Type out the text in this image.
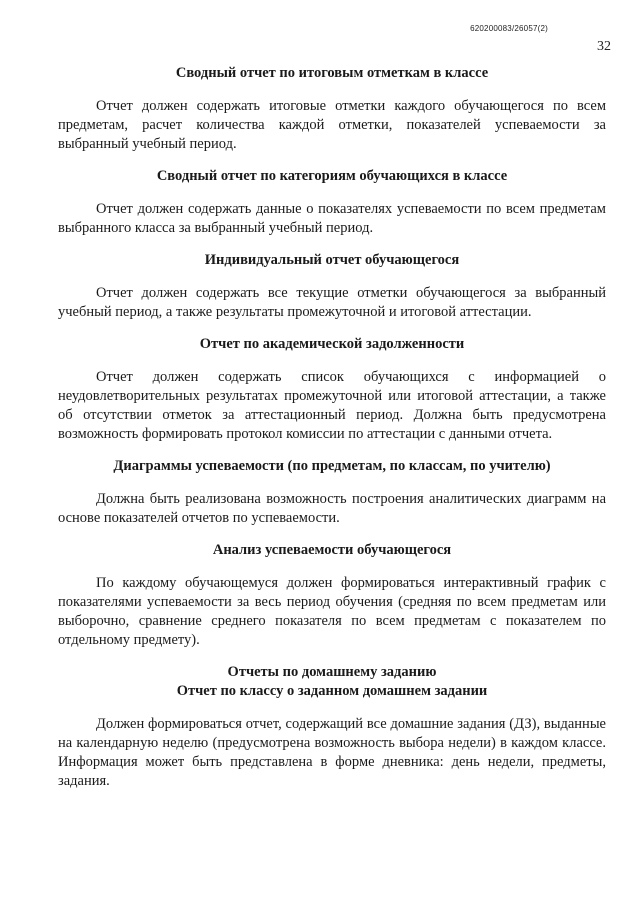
620200083/26057(2)
32
Сводный отчет по итоговым отметкам в классе

Отчет должен содержать итоговые отметки каждого обучающегося по всем предметам, расчет количества каждой отметки, показателей успеваемости за выбранный учебный период.

Сводный отчет по категориям обучающихся в классе

Отчет должен содержать данные о показателях успеваемости по всем предметам выбранного класса за выбранный учебный период.

Индивидуальный отчет обучающегося

Отчет должен содержать все текущие отметки обучающегося за выбранный учебный период, а также результаты промежуточной и итоговой аттестации.

Отчет по академической задолженности

Отчет должен содержать список обучающихся с информацией о неудовлетворительных результатах промежуточной или итоговой аттестации, а также об отсутствии отметок за аттестационный период. Должна быть предусмотрена возможность формировать протокол комиссии по аттестации с данными отчета.

Диаграммы успеваемости (по предметам, по классам, по учителю)

Должна быть реализована возможность построения аналитических диаграмм на основе показателей отчетов по успеваемости.

Анализ успеваемости обучающегося

По каждому обучающемуся должен формироваться интерактивный график с показателями успеваемости за весь период обучения (средняя по всем предметам или выборочно, сравнение среднего показателя по всем предметам с показателем по отдельному предмету).

Отчеты по домашнему заданию
Отчет по классу о заданном домашнем задании

Должен формироваться отчет, содержащий все домашние задания (ДЗ), выданные на календарную неделю (предусмотрена возможность выбора недели) в каждом классе. Информация может быть представлена в форме дневника: день недели, предметы, задания.
